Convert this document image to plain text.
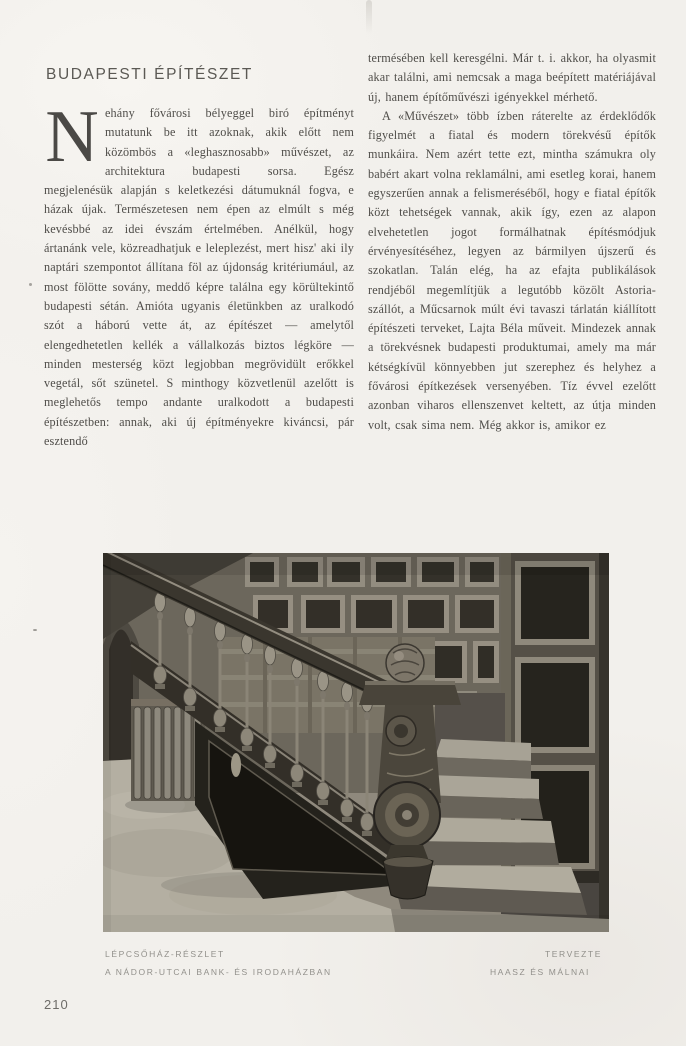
BUDAPESTI ÉPÍTÉSZET

Nehány fővárosi bélyeggel biró építményt mutatunk be itt azoknak, akik előtt nem közömbös a «leghasznosabb» művészet, az architektura budapesti sorsa. Egész megjelenésük alapján s keletkezési dátumuknál fogva, e házak újak. Természetesen nem épen az elmúlt s még kevésbbé az idei évszám értelmében. Anélkül, hogy ártanánk vele, közreadhatjuk e leleplezést, mert hisz' aki ily naptári szempontot állítana föl az újdonság kritériumául, az most fölötte sovány, meddő képre találna egy körültekintő budapesti sétán. Amióta ugyanis életünkben az uralkodó szót a háború vette át, az építészet — amelytől elengedhetetlen kellék a vállalkozás biztos légköre — minden mesterség közt legjobban megrövidült erőkkel vegetál, sőt szünetel. S minthogy közvetlenül azelőtt is meglehetős tempo andante uralkodott a budapesti építészetben: annak, aki új építményekre kiváncsi, pár esztendő

termésében kell keresgélni. Már t. i. akkor, ha olyasmit akar találni, ami nemcsak a maga beépített matériájával új, hanem építőművészi igényekkel mérhető.

A «Művészet» több ízben ráterelte az érdeklődők figyelmét a fiatal és modern törekvésű építők munkáira. Nem azért tette ezt, mintha számukra oly babért akart volna reklamálni, ami esetleg korai, hanem egyszerűen annak a felismeréséből, hogy e fiatal építők közt tehetségek vannak, akik így, ezen az alapon elvehetetlen jogot formálhatnak építésmódjuk érvényesítéséhez, legyen az bármilyen újszerű és szokatlan. Talán elég, ha az efajta publikálások rendjéből megemlítjük a legutóbb közölt Astoria-szállót, a Műcsarnok múlt évi tavaszi tárlatán kiállított építészeti terveket, Lajta Béla műveit. Mindezek annak a törekvésnek budapesti produktumai, amely ma már kétségkívül könnyebben jut szerephez és helyhez a fővárosi építkezések versenyében. Tíz évvel ezelőtt azonban viharos ellenszenvet keltett, az útja minden volt, csak sima nem. Még akkor is, amikor ez

LÉPCSŐHÁZ-RÉSZLET
A NÁDOR-UTCAI BANK- ÉS IRODAHÁZBAN
TERVEZTE
HAASZ ÉS MÁLNAI
210
